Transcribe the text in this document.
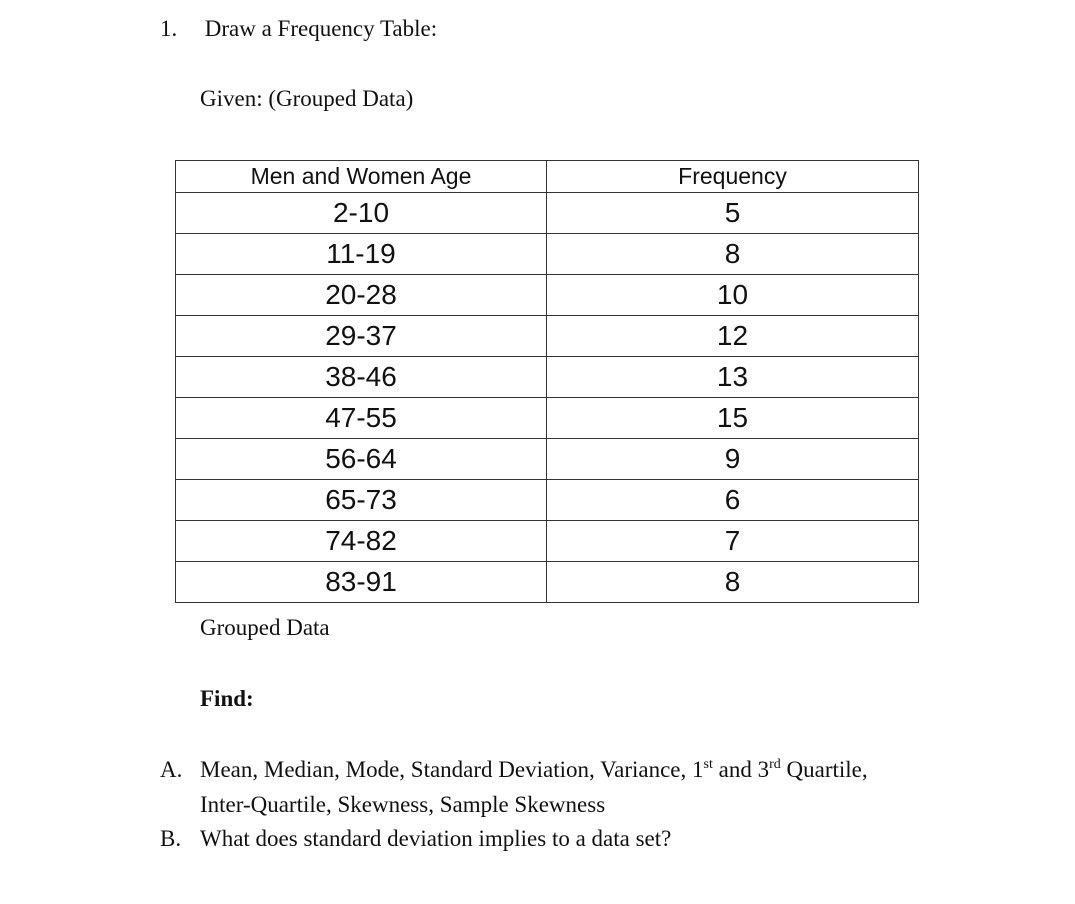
1. Draw a Frequency Table:
Given: (Grouped Data)
Men and Women Age	Frequency
2-10	5
11-19	8
20-28	10
29-37	12
38-46	13
47-55	15
56-64	9
65-73	6
74-82	7
83-91	8
Grouped Data
Find:
A. Mean, Median, Mode, Standard Deviation, Variance, 1st and 3rd Quartile,
Inter-Quartile, Skewness, Sample Skewness
B. What does standard deviation implies to a data set?
